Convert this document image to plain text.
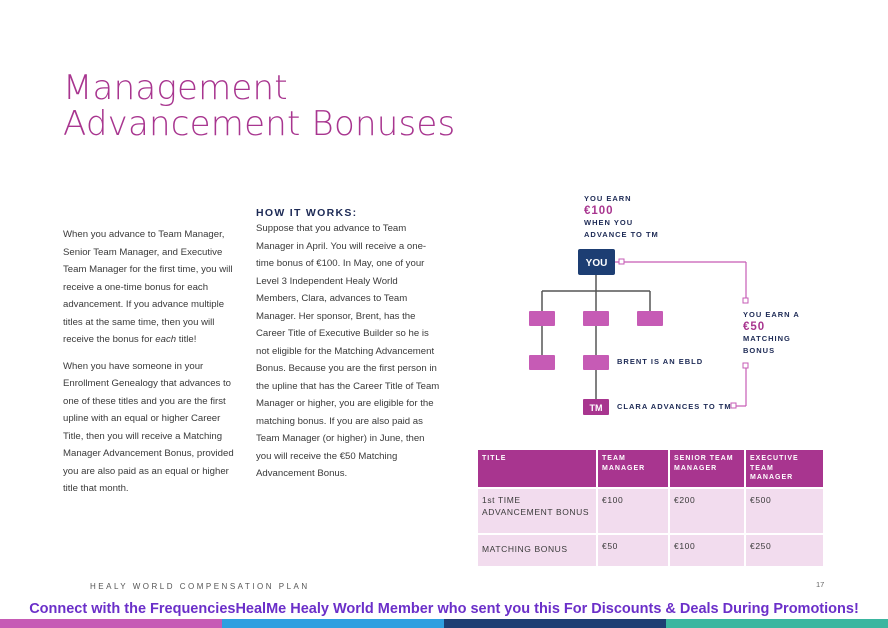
Management
Advancement Bonuses

When you advance to Team Manager, Senior Team Manager, and Executive Team Manager for the first time, you will receive a one-time bonus for each advancement. If you advance multiple titles at the same time, then you will receive the bonus for each title!

When you have someone in your Enrollment Genealogy that advances to one of these titles and you are the first upline with an equal or higher Career Title, then you will receive a Matching Manager Advancement Bonus, provided you are also paid as an equal or higher title that month.

HOW IT WORKS:

Suppose that you advance to Team Manager in April. You will receive a one-time bonus of €100. In May, one of your Level 3 Independent Healy World Members, Clara, advances to Team Manager. Her sponsor, Brent, has the Career Title of Executive Builder so he is not eligible for the Matching Advancement Bonus. Because you are the first person in the upline that has the Career Title of Team Manager or higher, you are eligible for the matching bonus. If you are also paid as Team Manager (or higher) in June, then you will receive the €50 Matching Advancement Bonus.

YOU EARN
€100
WHEN YOU
ADVANCE TO TM
YOU
TM
YOU EARN A
€50
MATCHING
BONUS
BRENT IS AN EBLD
CLARA ADVANCES TO TM
TITLE	TEAM MANAGER	SENIOR TEAM MANAGER	EXECUTIVE TEAM MANAGER
1st TIME ADVANCEMENT BONUS	€100	€200	€500
MATCHING BONUS	€50	€100	€250
HEALY WORLD COMPENSATION PLAN	17
Connect with the FrequenciesHealMe Healy World Member who sent you this For Discounts & Deals During Promotions!
